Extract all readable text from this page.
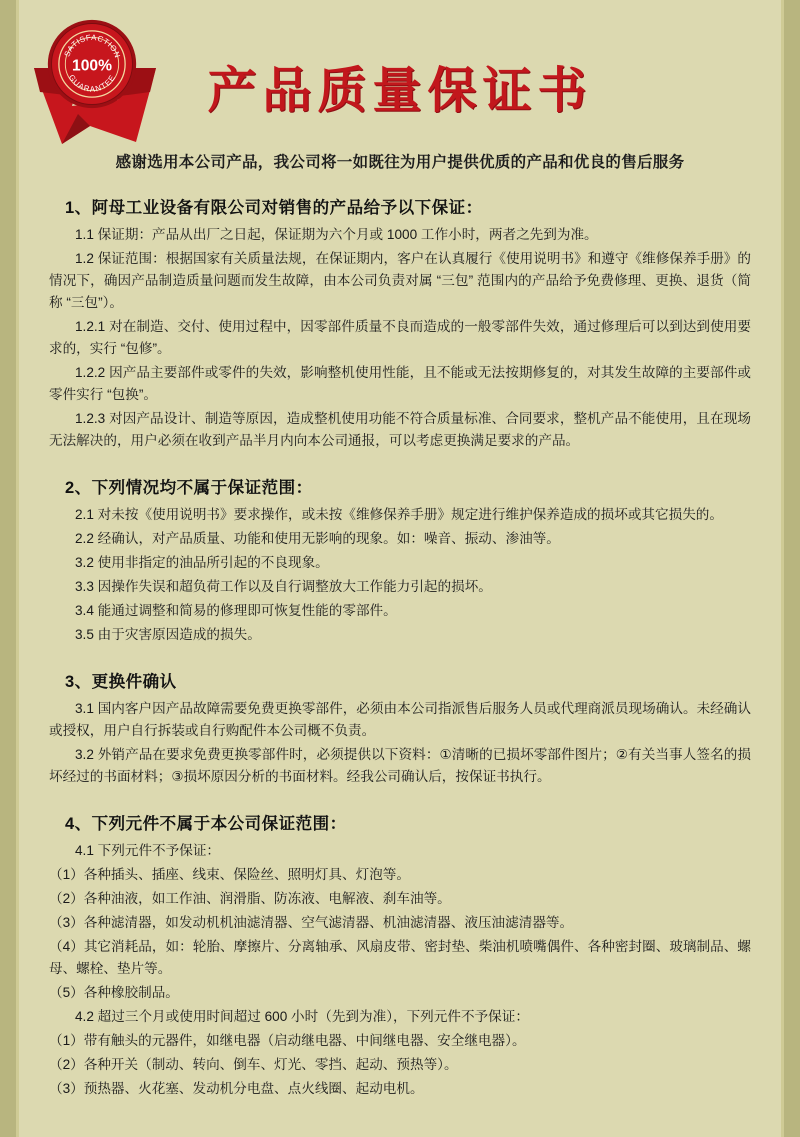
SATISFACTION
GUARANTEE
100%	产品质量保证书
感谢选用本公司产品，我公司将一如既往为用户提供优质的产品和优良的售后服务
1、阿母工业设备有限公司对销售的产品给予以下保证：

1.1 保证期：产品从出厂之日起，保证期为六个月或 1000 工作小时，两者之先到为准。

1.2 保证范围：根据国家有关质量法规，在保证期内，客户在认真履行《使用说明书》和遵守《维修保养手册》的情况下，确因产品制造质量问题而发生故障，由本公司负责对属 “三包” 范围内的产品给予免费修理、更换、退货（简称 “三包”）。

1.2.1 对在制造、交付、使用过程中，因零部件质量不良而造成的一般零部件失效，通过修理后可以到达到使用要求的，实行 “包修”。

1.2.2 因产品主要部件或零件的失效，影响整机使用性能，且不能或无法按期修复的，对其发生故障的主要部件或零件实行 “包换”。

1.2.3 对因产品设计、制造等原因，造成整机使用功能不符合质量标准、合同要求，整机产品不能使用，且在现场无法解决的，用户必须在收到产品半月内向本公司通报，可以考虑更换满足要求的产品。

2、下列情况均不属于保证范围：

2.1 对未按《使用说明书》要求操作，或未按《维修保养手册》规定进行维护保养造成的损坏或其它损失的。

2.2 经确认，对产品质量、功能和使用无影响的现象。如：噪音、振动、渗油等。

3.2 使用非指定的油品所引起的不良现象。

3.3 因操作失误和超负荷工作以及自行调整放大工作能力引起的损坏。

3.4 能通过调整和简易的修理即可恢复性能的零部件。

3.5 由于灾害原因造成的损失。

3、更换件确认

3.1 国内客户因产品故障需要免费更换零部件，必须由本公司指派售后服务人员或代理商派员现场确认。未经确认或授权，用户自行拆装或自行购配件本公司概不负责。

3.2 外销产品在要求免费更换零部件时，必须提供以下资料：①清晰的已损坏零部件图片；②有关当事人签名的损坏经过的书面材料；③损坏原因分析的书面材料。经我公司确认后，按保证书执行。

4、下列元件不属于本公司保证范围：

4.1 下列元件不予保证：

（1）各种插头、插座、线束、保险丝、照明灯具、灯泡等。

（2）各种油液，如工作油、润滑脂、防冻液、电解液、刹车油等。

（3）各种滤清器，如发动机机油滤清器、空气滤清器、机油滤清器、液压油滤清器等。

（4）其它消耗品，如：轮胎、摩擦片、分离轴承、风扇皮带、密封垫、柴油机喷嘴偶件、各种密封圈、玻璃制品、螺母、螺栓、垫片等。

（5）各种橡胶制品。

4.2 超过三个月或使用时间超过 600 小时（先到为准），下列元件不予保证：

（1）带有触头的元器件，如继电器（启动继电器、中间继电器、安全继电器）。

（2）各种开关（制动、转向、倒车、灯光、零挡、起动、预热等）。

（3）预热器、火花塞、发动机分电盘、点火线圈、起动电机。
